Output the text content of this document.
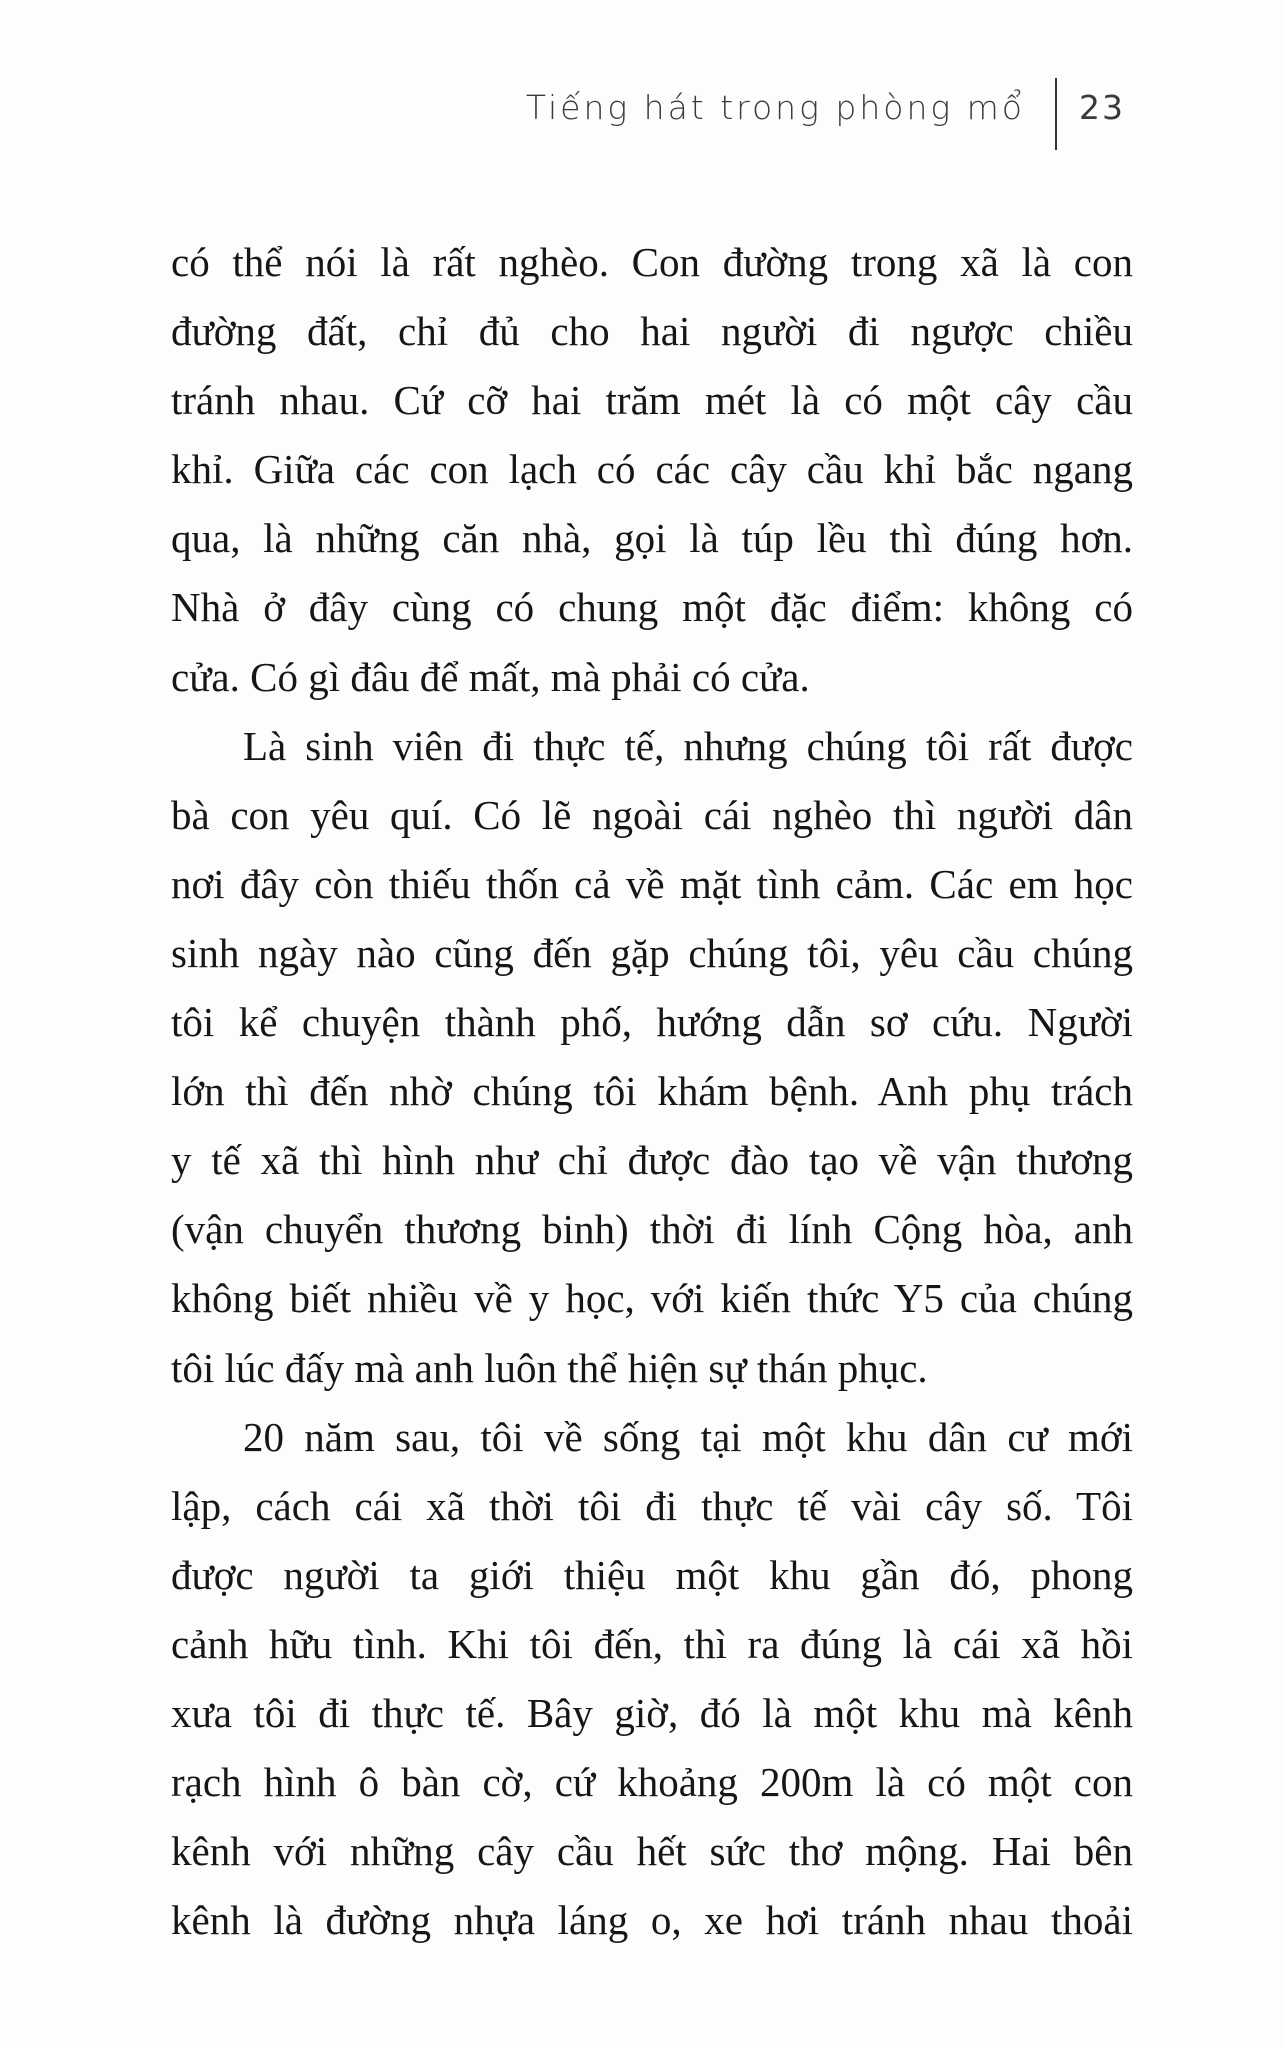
Tiếng hát trong phòng mổ 23
có thể nói là rất nghèo. Con đường trong xã là con
đường đất, chỉ đủ cho hai người đi ngược chiều
tránh nhau. Cứ cỡ hai trăm mét là có một cây cầu
khỉ. Giữa các con lạch có các cây cầu khỉ bắc ngang
qua, là những căn nhà, gọi là túp lều thì đúng hơn.
Nhà ở đây cùng có chung một đặc điểm: không có
cửa. Có gì đâu để mất, mà phải có cửa.
Là sinh viên đi thực tế, nhưng chúng tôi rất được
bà con yêu quí. Có lẽ ngoài cái nghèo thì người dân
nơi đây còn thiếu thốn cả về mặt tình cảm. Các em học
sinh ngày nào cũng đến gặp chúng tôi, yêu cầu chúng
tôi kể chuyện thành phố, hướng dẫn sơ cứu. Người
lớn thì đến nhờ chúng tôi khám bệnh. Anh phụ trách
y tế xã thì hình như chỉ được đào tạo về vận thương
(vận chuyển thương binh) thời đi lính Cộng hòa, anh
không biết nhiều về y học, với kiến thức Y5 của chúng
tôi lúc đấy mà anh luôn thể hiện sự thán phục.
20 năm sau, tôi về sống tại một khu dân cư mới
lập, cách cái xã thời tôi đi thực tế vài cây số. Tôi
được người ta giới thiệu một khu gần đó, phong
cảnh hữu tình. Khi tôi đến, thì ra đúng là cái xã hồi
xưa tôi đi thực tế. Bây giờ, đó là một khu mà kênh
rạch hình ô bàn cờ, cứ khoảng 200m là có một con
kênh với những cây cầu hết sức thơ mộng. Hai bên
kênh là đường nhựa láng o, xe hơi tránh nhau thoải
